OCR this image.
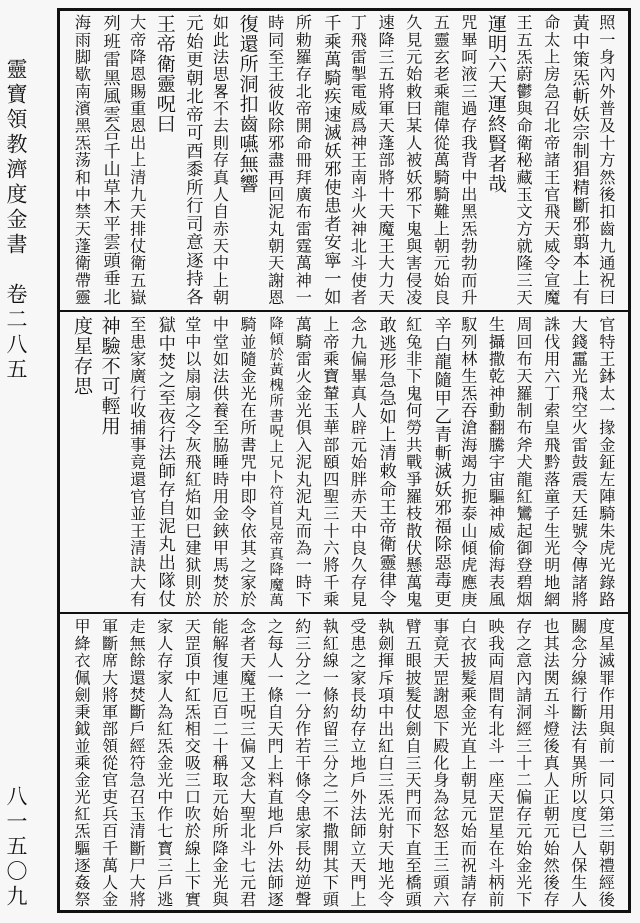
靈寶領教濟度金書　卷二八五
八一五〇九
照一身內外普及十方然後扣齒九通祝曰
黃中策炁斬妖宗制猖精斷邪翦本上有
命太上房急召北帝諸王官飛天威令宣魔
王五炁蔚鬱與命衛秘藏玉文方就隆三天
運明六天運終賢者哉
咒畢呵液三過存我背中出黑炁勃勃而升
五靈玄老乘龍偉從萬騎騎難上朝元始良
久見元始敕曰某人被妖邪下鬼與害侵凌
速降三五將軍天蓬部將十天魔王大力天
丁飛雷掣電威爲神王南斗火神北斗使者
千乘萬騎疾速滅妖邪使患者安寧一如
所勅羅存北帝開命冊拜廣布雷霆萬神一
時同至王彼收除邪盡再回泥丸朝天謝恩
復還所洞扣齒嚥無響
如此法思畧不去則存真人自赤天中上朝
元始更朝北帝可酉黍所行司意逐持各
王帝衛靈呪曰
大帝降恩賜重恩出上清九天排仗衛五嶽
列班雷黑風雲合千山草木平雲頭垂北
海雨脚歇南濱黑炁荡和中禁天蓬衛帶靈
官特王鉢太一掾金鉦左陣騎朱虎光錄路
大錢靁光飛空火雷鼓震天廷號令傳諸將
誅伐用六丁索皇飛黔落童子生光明地網
周回布天羅制布斧犬龍紅鸞起御登碧烟
生攝撒乾神動翻騰宇宙驅神威偷海表風
馭列林生炁吞滄海竭力扼泰山傾虎應庚
辛白龍隨甲乙青斬滅妖邪福除惡毒更
紅兔非下鬼何勞共戰爭羅枝散伏懸萬鬼
敢逃形急急如上清敕命王帝衛靈律令
念九偏畢真人辟元始胖赤天中良久存見
上帝乘寶輦玉華部頤四聖三十六將千乘
萬騎雷火金光俱入泥丸泥丸而為一時下
降傾於黃槐所書呪上兄卜符首見帝真降魔萬
騎並隨金光在所書咒中即令依其之家於
中堂如法供養至脇睡時用金鋏甲馬焚於
堂中以扇扇之令灰飛紅焰如巳建狱則於
獄中焚之至夜行法師存自泥丸出隊仗
至患家廣行收捕事竟還官並王清訣大有
神驗不可輕用
度星存思
度星滅罪作用與前一同只第三朝禮經後
關念分線行斷法有異所以度已人保生人
也其法関五斗燈後真人正朝元始然後存
存之意內請洞經三十二偏存元始金光下
映我両眉間有北斗一座天罡星在斗柄前
白衣披髮乘金光直上朝見元始而祝請存
事竟天罡謝恩下殿化身為忿怒王三頭六
臂五眼披髮仗劍自三天門而下直至橋頭
執劍揮斥項中出紅白三炁光射天地光令
受患之家長幼存立地戶外法師立天門上
執紅線一條約留三分之二不撒開其下頭
約三分之一分作若干條令患家長幼逆聲
之每人一條自天門上料直地戶外法師逐
念者天魔王呪三偏又念大聖北斗七元君
能解復連厄百二十稱取元始所降金光與
天罡頂中紅炁相交吸三口吹於線上下實
家人存家人為紅炁金光中作七寳三戶逃
走無餘還焚斷戶經符急召玉清斷尸大將
軍斷席大將軍部領從官吏兵百千萬人金
甲絳衣佩劍秉鉞並乘金光紅炁驅逐姦祭
